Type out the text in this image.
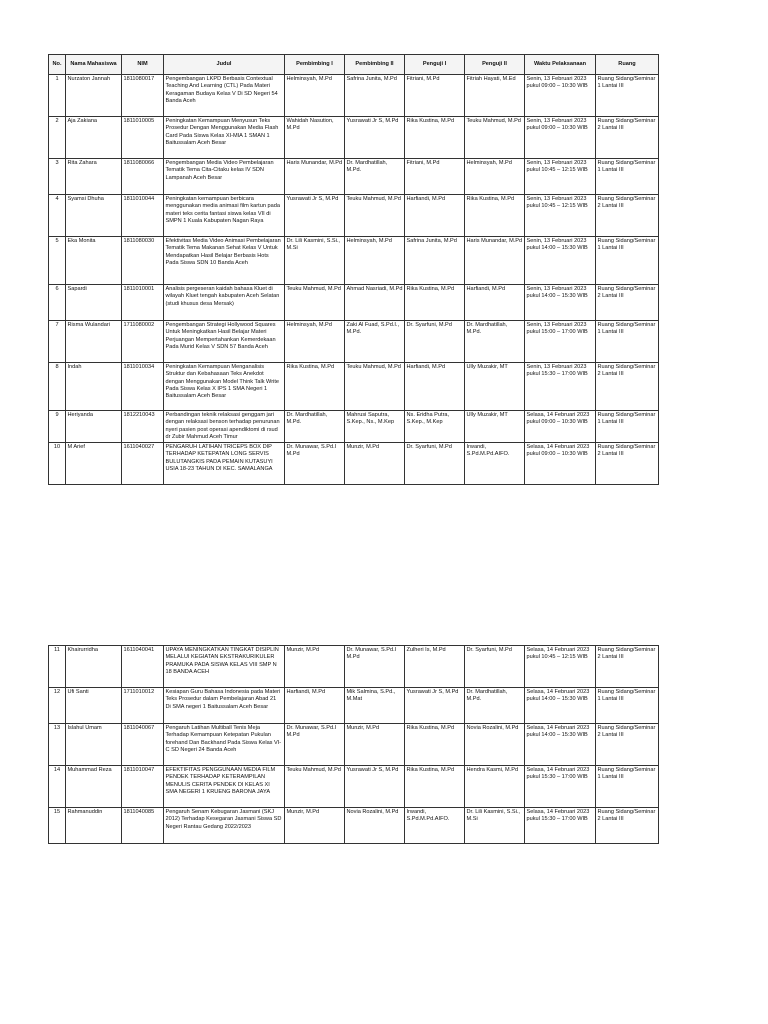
No.	Nama Mahasiswa	NIM	Judul	Pembimbing I	Pembimbing II	Penguji I	Penguji II	Waktu Pelaksanaan	Ruang
1	Nurzaton Jannah	1811080017	Pengembangan LKPD Berbasis Contextual Teaching And Learning (CTL) Pada Materi Keragaman Budaya Kelas V Di SD Negeri 54 Banda Aceh	Helminsyah, M.Pd	Safrina Junita, M.Pd	Fitriani, M.Pd	Fitriah Hayati, M.Ed	Senin, 13 Februari 2023 pukul 09:00 – 10:30 WIB	Ruang Sidang/Seminar 1 Lantai III
2	Aja Zakiana	1811010005	Peningkatan Kemampuan Menyusun Teks Prosedur Dengan Menggunakan Media Flash Card Pada Siswa Kelas XI-MIA 1 SMAN 1 Baitussalam Aceh Besar	Wahidah Nasution, M.Pd	Yusrawati Jr S, M.Pd	Rika Kustina, M.Pd	Teuku Mahmud, M.Pd	Senin, 13 Februari 2023 pukul 09:00 – 10:30 WIB	Ruang Sidang/Seminar 2 Lantai III
3	Rita Zahara	1811080066	Pengembangan Media Video Pembelajaran Tematik Tema Cita-Citaku kelas IV SDN Lampanah Aceh Besar	Haris Munandar, M.Pd	Dr. Mardhatillah, M.Pd.	Fitriani, M.Pd	Helminsyah, M.Pd	Senin, 13 Februari 2023 pukul 10:45 – 12:15 WIB	Ruang Sidang/Seminar 1 Lantai III
4	Syamsi Dhuha	1811010044	Peningkatan kemampuan berbicara menggunakan media animasi film kartun pada materi teks cerita fantasi siswa kelas VII di SMPN 1 Kuala Kabupaten Nagan Raya	Yusrawati Jr S, M.Pd	Teuku Mahmud, M.Pd	Harfiandi, M.Pd	Rika Kustina, M.Pd	Senin, 13 Februari 2023 pukul 10:45 – 12:15 WIB	Ruang Sidang/Seminar 2 Lantai III
5	Eka Monita	1811080030	Efektivitas Media Video Animasi Pembelajaran Tematik Tema Makanan Sehat Kelas V Untuk Mendapatkan Hasil Belajar Berbasis Hots Pada Siswa SDN 10 Banda Aceh	Dr. Lili Kasmini, S.Si., M.Si	Helminsyah, M.Pd	Safrina Junita, M.Pd	Haris Munandar, M.Pd	Senin, 13 Februari 2023 pukul 14:00 – 15:30 WIB	Ruang Sidang/Seminar 1 Lantai III
6	Sapardi	1811010001	Analisis pergeseran kaidah bahasa Kluet di wilayah Kluet tengah kabupaten Aceh Selatan (studi khusus desa Mersak)	Teuku Mahmud, M.Pd	Ahmad Nasriadi, M.Pd	Rika Kustina, M.Pd	Harfiandi, M.Pd	Senin, 13 Februari 2023 pukul 14:00 – 15:30 WIB	Ruang Sidang/Seminar 2 Lantai III
7	Risma Wulandari	1711080002	Pengembangan Strategi Hollywood Squares Untuk Meningkatkan Hasil Belajar Materi Perjuangan Mempertahankan Kemerdekaan Pada Murid Kelas V SDN 57 Banda Aceh	Helminsyah, M.Pd	Zaki Al Fuad, S.Pd.I., M.Pd.	Dr. Syarfuni, M.Pd	Dr. Mardhatillah, M.Pd.	Senin, 13 Februari 2023 pukul 15:00 – 17:00 WIB	Ruang Sidang/Seminar 1 Lantai III
8	Indah	1811010034	Peningkatan Kemampuan Menganalisis Struktur dan Kebahasaan Teks Anekdot dengan Menggunakan Model Think Talk Write Pada Siswa Kelas X IPS 1 SMA Negeri 1 Baitussalam Aceh Besar	Rika Kustina, M.Pd	Teuku Mahmud, M.Pd	Harfiandi, M.Pd	Ully Muzakir, MT	Senin, 13 Februari 2023 pukul 15:30 – 17:00 WIB	Ruang Sidang/Seminar 2 Lantai III
9	Heriyanda	1812210043	Perbandingan teknik relaksasi genggam jari dengan relaksasi benson terhadap penurunan nyeri pasien post operasi apendiktomi di rsud dr Zubir Mahmud Aceh Timur	Dr. Mardhatillah, M.Pd.	Mahrusi Saputra, S.Kep., Ns., M.Kep	Ns. Eridha Putra, S.Kep., M.Kep	Ully Muzakir, MT	Selasa, 14 Februari 2023 pukul 09:00 – 10:30 WIB	Ruang Sidang/Seminar 1 Lantai III
10	M Arief	1611040027	PENGARUH LATIHAN TRICEPS BOX DIP TERHADAP KETEPATAN LONG SERVIS BULUTANGKIS PADA PEMAIN KUTASUYI USIA 18-23 TAHUN DI KEC. SAMALANGA	Dr. Munawar, S.Pd.I M.Pd	Munzir, M.Pd	Dr. Syarfuni, M.Pd	Irwandi, S.Pd.M.Pd.AIFO.	Selasa, 14 Februari 2023 pukul 09:00 – 10:30 WIB	Ruang Sidang/Seminar 2 Lantai III
11	Khairurridha	1611040041	UPAYA MENINGKATKAN TINGKAT DISIPLIN MELALUI KEGIATAN EKSTRAKURIKULER PRAMUKA PADA SISWA KELAS VIII SMP N 18 BANDA ACEH	Munzir, M.Pd	Dr. Munawar, S.Pd.I M.Pd	Zulheri Is, M.Pd	Dr. Syarfuni, M.Pd	Selasa, 14 Februari 2023 pukul 10:45 – 12:15 WIB	Ruang Sidang/Seminar 2 Lantai III
12	Ufi Santi	1711010012	Kesiapan Guru Bahasa Indonesia pada Materi Teks Prosedur dalam Pembelajaran Abad 21 Di SMA negeri 1 Baitussalam Aceh Besar	Harfiandi, M.Pd	Mik Salmina, S.Pd., M.Mat	Yusrawati Jr S, M.Pd	Dr. Mardhatillah, M.Pd.	Selasa, 14 Februari 2023 pukul 14:00 – 15:30 WIB	Ruang Sidang/Seminar 1 Lantai III
13	Islahul Umam	1811040067	Pengaruh Latihan Multiball Tenis Meja Terhadap Kemampuan Ketepatan Pukulan forehand Dan Backhand Pada Siswa Kelas VI-C SD Negeri 24 Banda Aceh	Dr. Munawar, S.Pd.I M.Pd	Munzir, M.Pd	Rika Kustina, M.Pd	Novia Rozalini, M.Pd	Selasa, 14 Februari 2023 pukul 14:00 – 15:30 WIB	Ruang Sidang/Seminar 2 Lantai III
14	Muhammad Reza	1811010047	EFEKTIFITAS PENGGUNAAN MEDIA FILM PENDEK TERHADAP KETERAMPILAN MENULIS CERITA PENDEK DI KELAS XI SMA NEGERI 1 KRUENG BARONA JAYA	Teuku Mahmud, M.Pd	Yusrawati Jr S, M.Pd	Rika Kustina, M.Pd	Hendra Kasmi, M.Pd	Selasa, 14 Februari 2023 pukul 15:30 – 17:00 WIB	Ruang Sidang/Seminar 1 Lantai III
15	Rahmanuddin	1811040085	Pengaruh Senam Kebugaran Jasmani (SKJ 2012) Terhadap Kesegaran Jasmani Siswa SD Negeri Rantau Gedang 2022/2023	Munzir, M.Pd	Novia Rozalini, M.Pd	Irwandi, S.Pd.M.Pd.AIFO.	Dr. Lili Kasmini, S.Si., M.Si	Selasa, 14 Februari 2023 pukul 15:30 – 17:00 WIB	Ruang Sidang/Seminar 2 Lantai III
